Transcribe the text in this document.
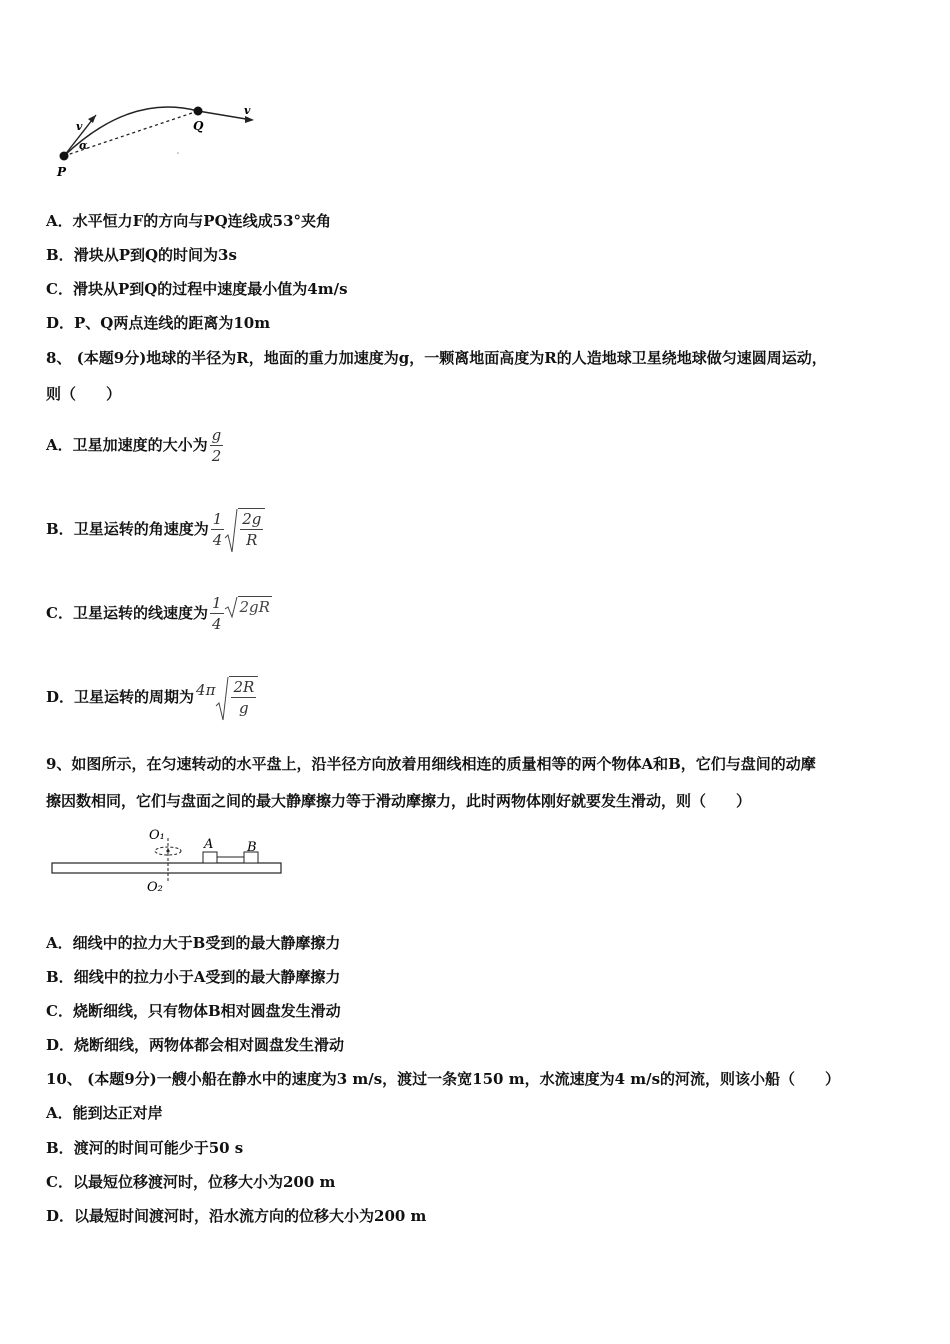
v
v
α
P
Q
A．水平恒力F的方向与PQ连线成53°夹角
B．滑块从P到Q的时间为3s
C．滑块从P到Q的过程中速度最小值为4m/s
D．P、Q两点连线的距离为10m
8、 (本题9分)地球的半径为R，地面的重力加速度为g，一颗离地面高度为R的人造地球卫星绕地球做匀速圆周运动，
则（　　）
A． 卫星加速度的大小为 $\frac{g}{2}$
B． 卫星运转的角速度为 $\frac{1}{4} \frac{2g}{R}$
C． 卫星运转的线速度为 $\frac{1}{4}$	2gR
D． 卫星运转的周期为 $4\pi \frac{2R}{g}$
9、如图所示，在匀速转动的水平盘上，沿半径方向放着用细线相连的质量相等的两个物体A和B，它们与盘间的动摩
擦因数相同，它们与盘面之间的最大静摩擦力等于滑动摩擦力，此时两物体刚好就要发生滑动，则（　　）
O₁
O₂
A	B
A．细线中的拉力大于B受到的最大静摩擦力
B．细线中的拉力小于A受到的最大静摩擦力
C．烧断细线，只有物体B相对圆盘发生滑动
D．烧断细线，两物体都会相对圆盘发生滑动
10、 (本题9分)一艘小船在静水中的速度为3 m/s，渡过一条宽150 m，水流速度为4 m/s的河流，则该小船（　　）
A．能到达正对岸
B．渡河的时间可能少于50 s
C．以最短位移渡河时，位移大小为200 m
D．以最短时间渡河时，沿水流方向的位移大小为200 m
